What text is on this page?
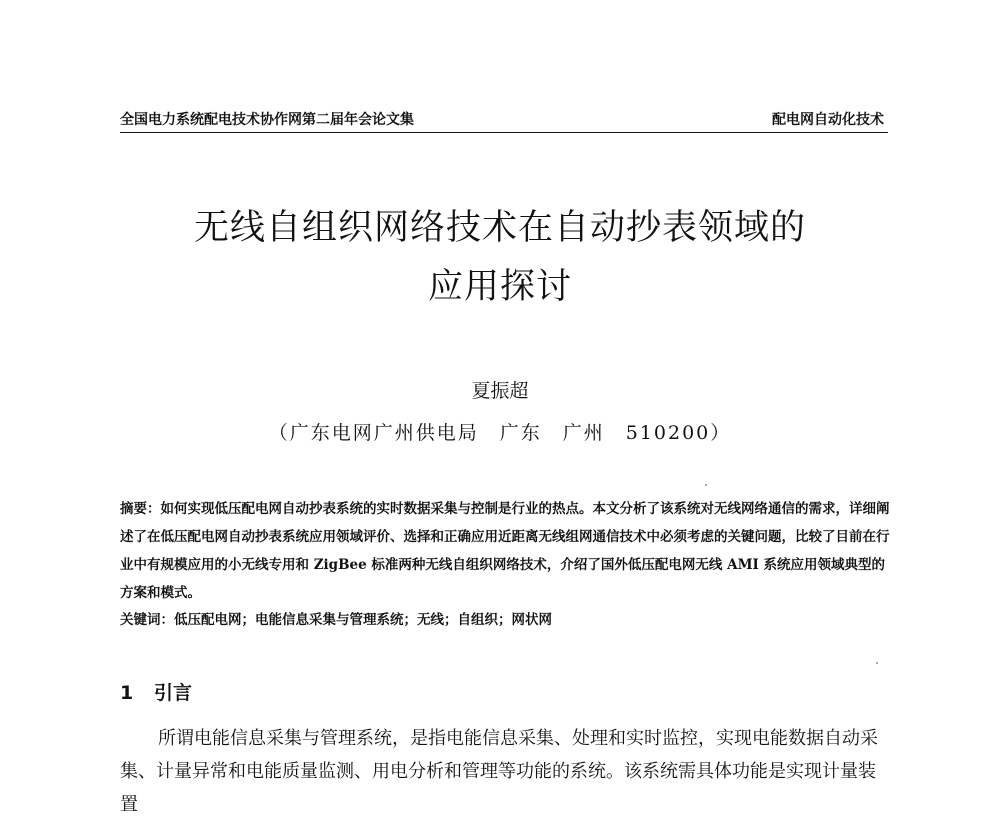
全国电力系统配电技术协作网第二届年会论文集	配电网自动化技术
无线自组织网络技术在自动抄表领域的
应用探讨
夏振超
（广东电网广州供电局　广东　广州　510200）
摘要：如何实现低压配电网自动抄表系统的实时数据采集与控制是行业的热点。本文分析了该系统对无线网络通信的需求，详细阐述了在低压配电网自动抄表系统应用领域评价、选择和正确应用近距离无线组网通信技术中必须考虑的关键问题，比较了目前在行业中有规模应用的小无线专用和 ZigBee 标准两种无线自组织网络技术，介绍了国外低压配电网无线 AMI 系统应用领域典型的方案和模式。
关键词：低压配电网；电能信息采集与管理系统；无线；自组织；网状网
1 引言
所谓电能信息采集与管理系统，是指电能信息采集、处理和实时监控，实现电能数据自动采集、计量异常和电能质量监测、用电分析和管理等功能的系统。该系统需具体功能是实现计量装置
